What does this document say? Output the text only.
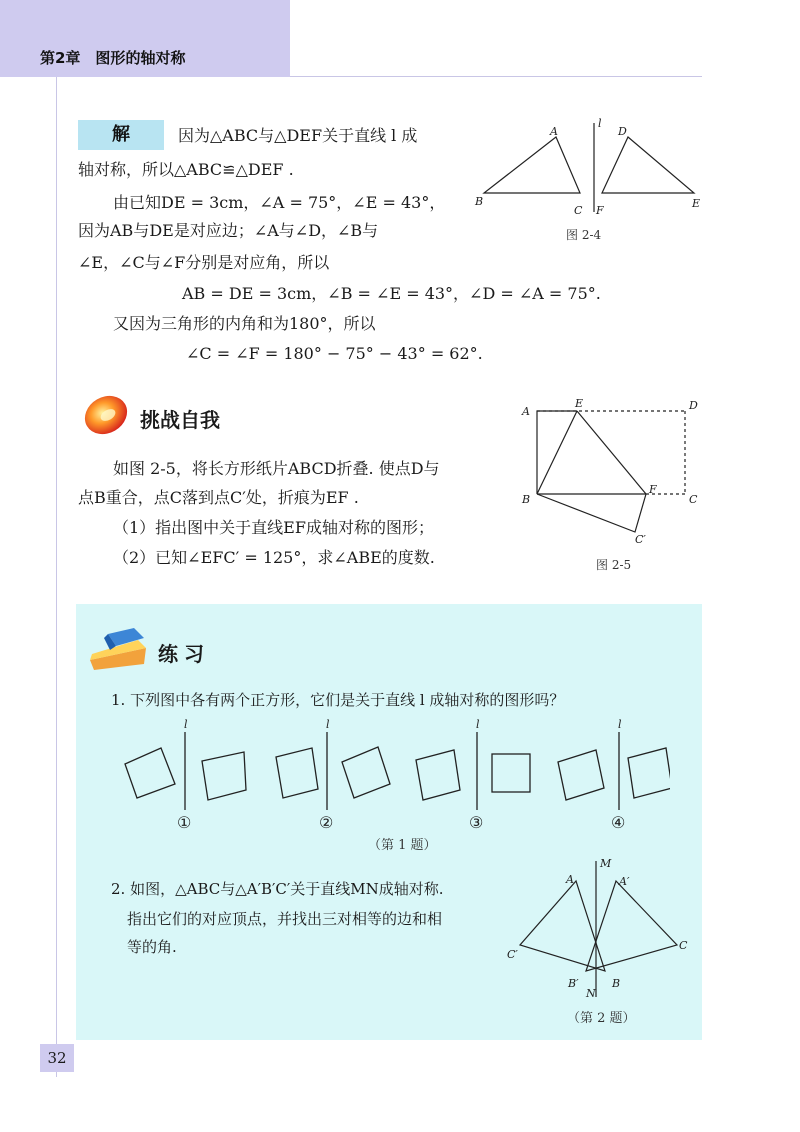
第2章　图形的轴对称
解	因为△ABC与△DEF关于直线 l 成
轴对称，所以△ABC≌△DEF .
由已知DE = 3cm，∠A = 75°，∠E = 43°，
因为AB与DE是对应边；∠A与∠D，∠B与
∠E，∠C与∠F分别是对应角，所以
AB = DE = 3cm，∠B = ∠E = 43°，∠D = ∠A = 75°.
又因为三角形的内角和为180°，所以
∠C = ∠F = 180° − 75° − 43° = 62°.
l
A	D
B
C F
E
图 2-4
挑战自我
如图 2-5，将长方形纸片ABCD折叠. 使点D与
点B重合，点C落到点C′处，折痕为EF .
（1）指出图中关于直线EF成轴对称的图形；
（2）已知∠EFC′ = 125°，求∠ABE的度数.
A
E	D
B
F
C
C′
图 2-5
练习
1. 下列图中各有两个正方形，它们是关于直线 l 成轴对称的图形吗？
l
①
l
②
l
③
l
④
（第 1 题）
2. 如图，△ABC与△A′B′C′关于直线MN成轴对称.
指出它们的对应顶点，并找出三对相等的边和相
等的角.
M
N
A	A′
C′
C
B′	B
（第 2 题）
32
